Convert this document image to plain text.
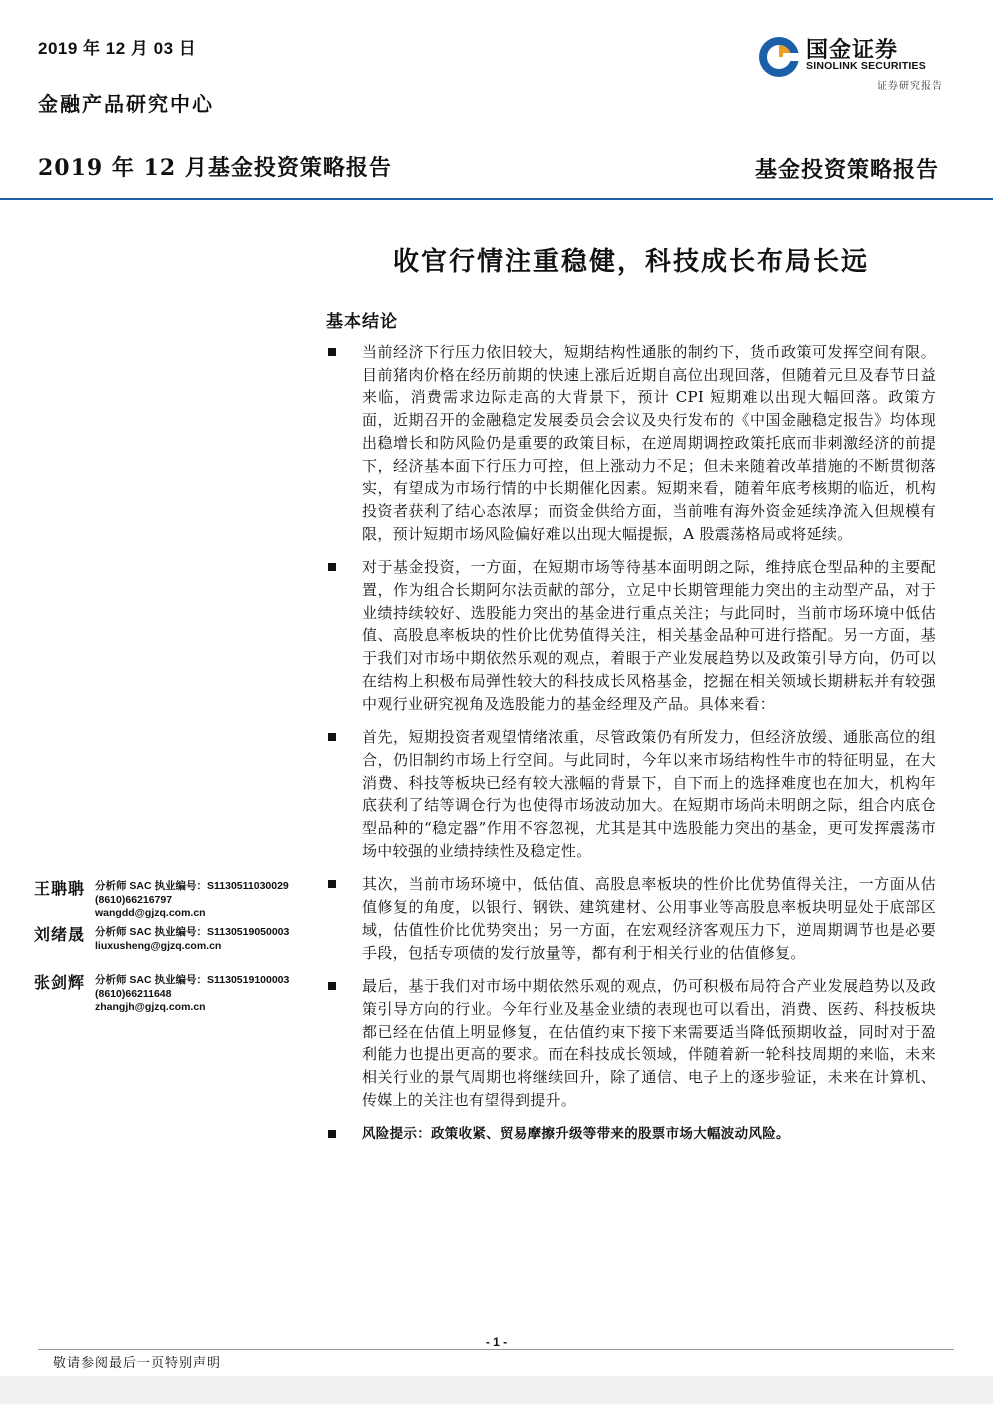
2019 年 12 月 03 日
金融产品研究中心
2019 年 12 月基金投资策略报告	基金投资策略报告
国金证券
SINOLINK SECURITIES
证券研究报告
收官行情注重稳健，科技成长布局长远
基本结论
当前经济下行压力依旧较大，短期结构性通胀的制约下，货币政策可发挥空间有限。目前猪肉价格在经历前期的快速上涨后近期自高位出现回落，但随着元旦及春节日益来临，消费需求边际走高的大背景下，预计 CPI 短期难以出现大幅回落。政策方面，近期召开的金融稳定发展委员会会议及央行发布的《中国金融稳定报告》均体现出稳增长和防风险仍是重要的政策目标，在逆周期调控政策托底而非刺激经济的前提下，经济基本面下行压力可控，但上涨动力不足；但未来随着改革措施的不断贯彻落实，有望成为市场行情的中长期催化因素。短期来看，随着年底考核期的临近，机构投资者获利了结心态浓厚；而资金供给方面，当前唯有海外资金延续净流入但规模有限，预计短期市场风险偏好难以出现大幅提振，A 股震荡格局或将延续。
对于基金投资，一方面，在短期市场等待基本面明朗之际，维持底仓型品种的主要配置，作为组合长期阿尔法贡献的部分，立足中长期管理能力突出的主动型产品，对于业绩持续较好、选股能力突出的基金进行重点关注；与此同时，当前市场环境中低估值、高股息率板块的性价比优势值得关注，相关基金品种可进行搭配。另一方面，基于我们对市场中期依然乐观的观点，着眼于产业发展趋势以及政策引导方向，仍可以在结构上积极布局弹性较大的科技成长风格基金，挖掘在相关领域长期耕耘并有较强中观行业研究视角及选股能力的基金经理及产品。具体来看：
首先，短期投资者观望情绪浓重，尽管政策仍有所发力，但经济放缓、通胀高位的组合，仍旧制约市场上行空间。与此同时，今年以来市场结构性牛市的特征明显，在大消费、科技等板块已经有较大涨幅的背景下，自下而上的选择难度也在加大，机构年底获利了结等调仓行为也使得市场波动加大。在短期市场尚未明朗之际，组合内底仓型品种的“稳定器”作用不容忽视，尤其是其中选股能力突出的基金，更可发挥震荡市场中较强的业绩持续性及稳定性。
其次，当前市场环境中，低估值、高股息率板块的性价比优势值得关注，一方面从估值修复的角度，以银行、钢铁、建筑建材、公用事业等高股息率板块明显处于底部区域，估值性价比优势突出；另一方面，在宏观经济客观压力下，逆周期调节也是必要手段，包括专项债的发行放量等，都有利于相关行业的估值修复。
最后，基于我们对市场中期依然乐观的观点，仍可积极布局符合产业发展趋势以及政策引导方向的行业。今年行业及基金业绩的表现也可以看出，消费、医药、科技板块都已经在估值上明显修复，在估值约束下接下来需要适当降低预期收益，同时对于盈利能力也提出更高的要求。而在科技成长领域，伴随着新一轮科技周期的来临，未来相关行业的景气周期也将继续回升，除了通信、电子上的逐步验证，未来在计算机、传媒上的关注也有望得到提升。
风险提示：政策收紧、贸易摩擦升级等带来的股票市场大幅波动风险。
王聃聃 分析师 SAC 执业编号：S1130511030029
(8610)66216797
wangdd@gjzq.com.cn
刘绪晟 分析师 SAC 执业编号：S1130519050003
liuxusheng@gjzq.com.cn
张剑辉 分析师 SAC 执业编号：S1130519100003
(8610)66211648
zhangjh@gjzq.com.cn
- 1 -
敬请参阅最后一页特别声明
